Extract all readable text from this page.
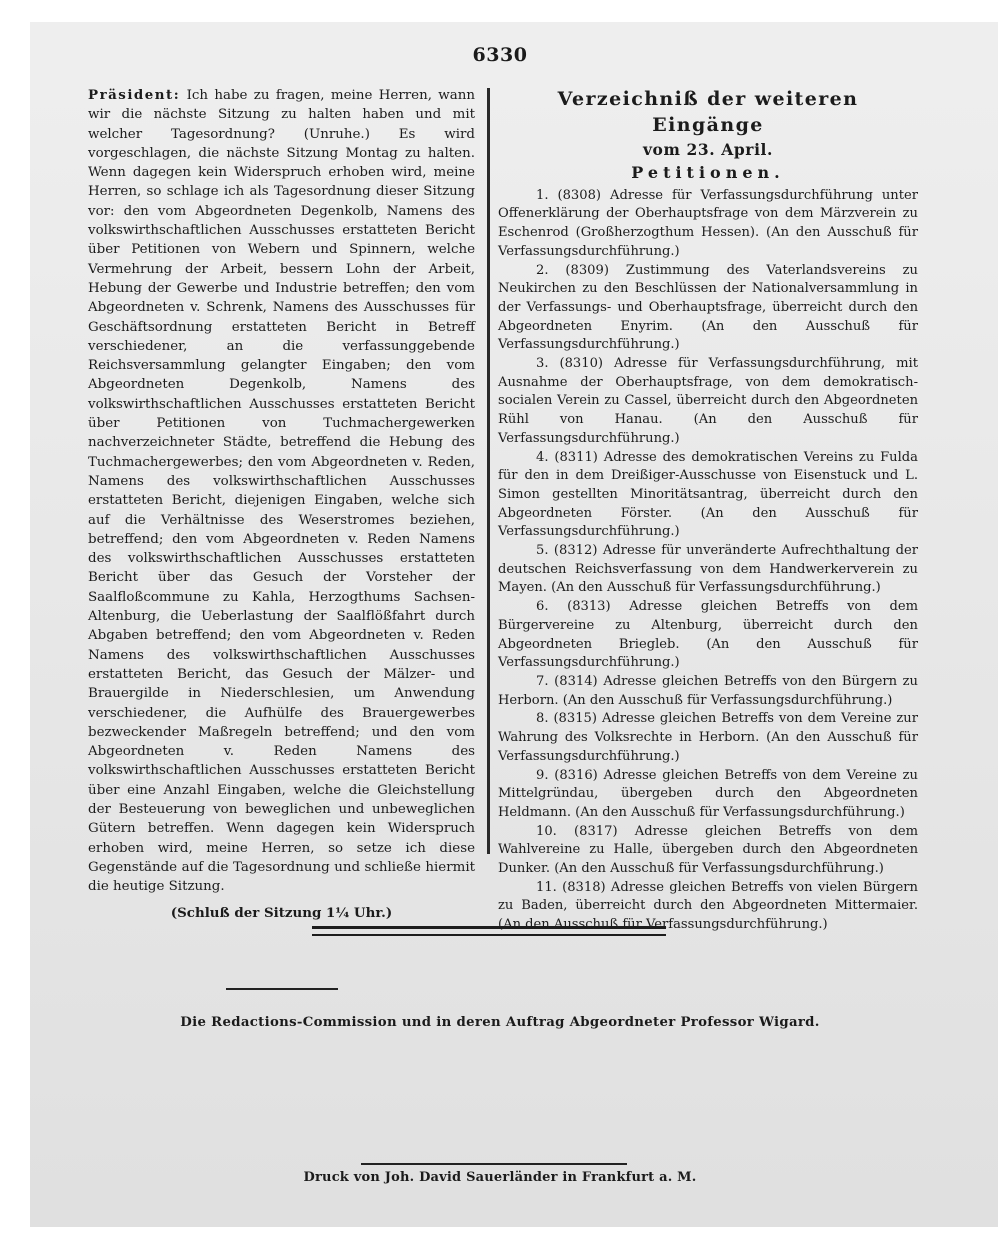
6330

Präsident: Ich habe zu fragen, meine Herren, wann wir die nächste Sitzung zu halten haben und mit welcher Tagesordnung? (Unruhe.) Es wird vorgeschlagen, die nächste Sitzung Montag zu halten. Wenn dagegen kein Widerspruch erhoben wird, meine Herren, so schlage ich als Tagesordnung dieser Sitzung vor: den vom Abgeordneten Degenkolb, Namens des volkswirthschaftlichen Ausschusses erstatteten Bericht über Petitionen von Webern und Spinnern, welche Vermehrung der Arbeit, bessern Lohn der Arbeit, Hebung der Gewerbe und Industrie betreffen; den vom Abgeordneten v. Schrenk, Namens des Ausschusses für Geschäftsordnung erstatteten Bericht in Betreff verschiedener, an die verfassunggebende Reichsversammlung gelangter Eingaben; den vom Abgeordneten Degenkolb, Namens des volkswirthschaftlichen Ausschusses erstatteten Bericht über Petitionen von Tuchmachergewerken nachverzeichneter Städte, betreffend die Hebung des Tuchmachergewerbes; den vom Abgeordneten v. Reden, Namens des volkswirthschaftlichen Ausschusses erstatteten Bericht, diejenigen Eingaben, welche sich auf die Verhältnisse des Weserstromes beziehen, betreffend; den vom Abgeordneten v. Reden Namens des volkswirthschaftlichen Ausschusses erstatteten Bericht über das Gesuch der Vorsteher der Saalfloßcommune zu Kahla, Herzogthums Sachsen-Altenburg, die Ueberlastung der Saalflößfahrt durch Abgaben betreffend; den vom Abgeordneten v. Reden Namens des volkswirthschaftlichen Ausschusses erstatteten Bericht, das Gesuch der Mälzer- und Brauergilde in Niederschlesien, um Anwendung verschiedener, die Aufhülfe des Brauergewerbes bezweckender Maßregeln betreffend; und den vom Abgeordneten v. Reden Namens des volkswirthschaftlichen Ausschusses erstatteten Bericht über eine Anzahl Eingaben, welche die Gleichstellung der Besteuerung von beweglichen und unbeweglichen Gütern betreffen. Wenn dagegen kein Widerspruch erhoben wird, meine Herren, so setze ich diese Gegenstände auf die Tagesordnung und schließe hiermit die heutige Sitzung.

(Schluß der Sitzung 1¼ Uhr.)
Verzeichniß der weiteren Eingänge
vom 23. April.
Petitionen.

1. (8308) Adresse für Verfassungsdurchführung unter Offenerklärung der Oberhauptsfrage von dem Märzverein zu Eschenrod (Großherzogthum Hessen). (An den Ausschuß für Verfassungsdurchführung.)

2. (8309) Zustimmung des Vaterlandsvereins zu Neukirchen zu den Beschlüssen der Nationalversammlung in der Verfassungs- und Oberhauptsfrage, überreicht durch den Abgeordneten Enyrim. (An den Ausschuß für Verfassungsdurchführung.)

3. (8310) Adresse für Verfassungsdurchführung, mit Ausnahme der Oberhauptsfrage, von dem demokratisch-socialen Verein zu Cassel, überreicht durch den Abgeordneten Rühl von Hanau. (An den Ausschuß für Verfassungsdurchführung.)

4. (8311) Adresse des demokratischen Vereins zu Fulda für den in dem Dreißiger-Ausschusse von Eisenstuck und L. Simon gestellten Minoritätsantrag, überreicht durch den Abgeordneten Förster. (An den Ausschuß für Verfassungsdurchführung.)

5. (8312) Adresse für unveränderte Aufrechthaltung der deutschen Reichsverfassung von dem Handwerkerverein zu Mayen. (An den Ausschuß für Verfassungsdurchführung.)

6. (8313) Adresse gleichen Betreffs von dem Bürgervereine zu Altenburg, überreicht durch den Abgeordneten Briegleb. (An den Ausschuß für Verfassungsdurchführung.)

7. (8314) Adresse gleichen Betreffs von den Bürgern zu Herborn. (An den Ausschuß für Verfassungsdurchführung.)

8. (8315) Adresse gleichen Betreffs von dem Vereine zur Wahrung des Volksrechte in Herborn. (An den Ausschuß für Verfassungsdurchführung.)

9. (8316) Adresse gleichen Betreffs von dem Vereine zu Mittelgründau, übergeben durch den Abgeordneten Heldmann. (An den Ausschuß für Verfassungsdurchführung.)

10. (8317) Adresse gleichen Betreffs von dem Wahlvereine zu Halle, übergeben durch den Abgeordneten Dunker. (An den Ausschuß für Verfassungsdurchführung.)

11. (8318) Adresse gleichen Betreffs von vielen Bürgern zu Baden, überreicht durch den Abgeordneten Mittermaier. (An den Ausschuß für Verfassungsdurchführung.)

Die Redactions-Commission und in deren Auftrag Abgeordneter Professor Wigard.
Druck von Joh. David Sauerländer in Frankfurt a. M.
